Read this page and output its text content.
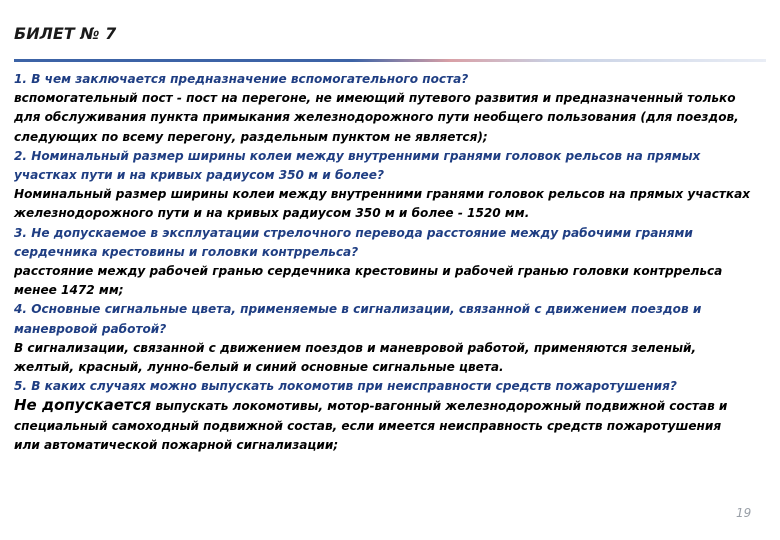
БИЛЕТ № 7
1. В чем заключается предназначение вспомогательного поста?
вспомогательный пост - пост на перегоне, не имеющий путевого развития и предназначенный только
для обслуживания пункта примыкания железнодорожного пути необщего пользования (для поездов,
следующих по всему перегону, раздельным пунктом не является);
2. Номинальный размер ширины колеи между внутренними гранями головок рельсов на прямых
участках пути и на кривых радиусом 350 м и более?
Номинальный размер ширины колеи между внутренними гранями головок рельсов на прямых участках
железнодорожного пути и на кривых радиусом 350 м и более - 1520 мм.
3. Не допускаемое в эксплуатации стрелочного перевода расстояние между рабочими гранями
сердечника крестовины и головки контррельса?
расстояние между рабочей гранью сердечника крестовины и рабочей гранью головки контррельса
менее 1472 мм;
4. Основные сигнальные цвета, применяемые в сигнализации, связанной с движением поездов и
маневровой работой?
В сигнализации, связанной с движением поездов и маневровой работой, применяются зеленый,
желтый, красный, лунно-белый и синий основные сигнальные цвета.
5. В каких случаях можно выпускать локомотив при неисправности средств пожаротушения?
Не допускается выпускать локомотивы, мотор-вагонный железнодорожный подвижной состав и
специальный самоходный подвижной состав, если имеется неисправность средств пожаротушения
или автоматической пожарной сигнализации;
19
